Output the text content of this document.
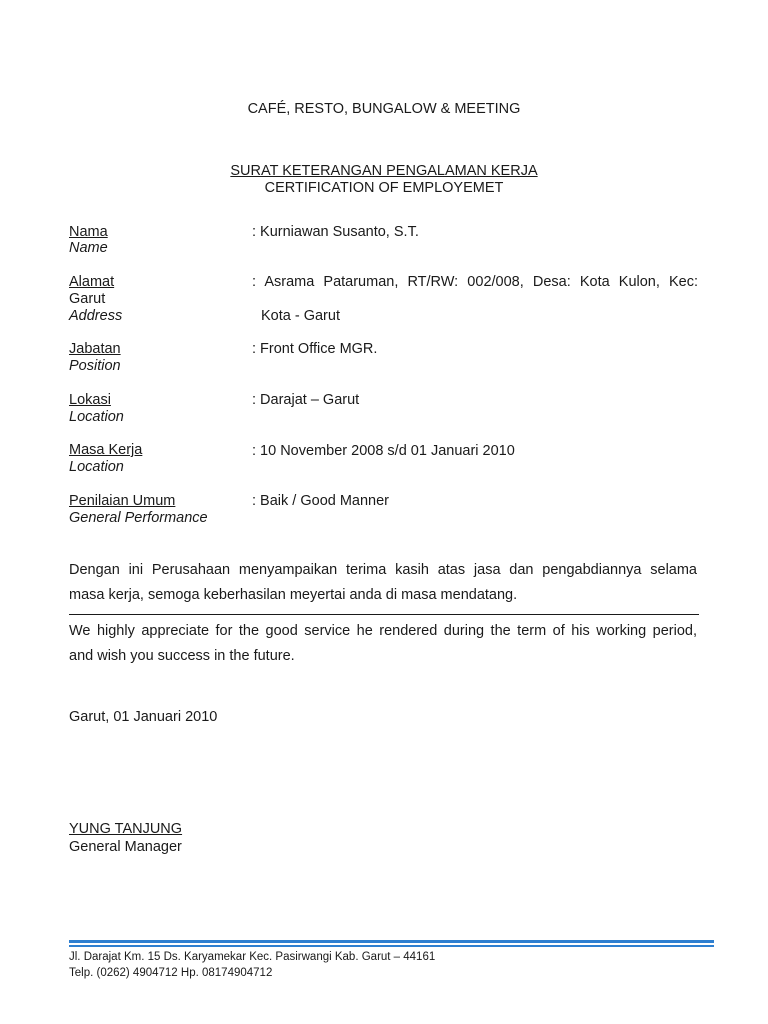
CAFÉ, RESTO, BUNGALOW & MEETING
SURAT KETERANGAN PENGALAMAN KERJA
CERTIFICATION OF EMPLOYEMET
Nama
Name
: Kurniawan Susanto, S.T.
Alamat
Garut
Address
: Asrama Pataruman, RT/RW: 002/008, Desa: Kota Kulon, Kec:
Kota - Garut
Jabatan
Position
: Front Office MGR.
Lokasi
Location
: Darajat – Garut
Masa Kerja
Location
: 10 November 2008 s/d 01 Januari 2010
Penilaian Umum
General Performance
: Baik / Good Manner
Dengan ini Perusahaan menyampaikan terima kasih atas jasa dan pengabdiannya selama
masa kerja, semoga keberhasilan meyertai anda di masa mendatang.
We highly appreciate for the good service he rendered during the term of his working period,
and wish you success in the future.
Garut, 01 Januari 2010
YUNG TANJUNG
General Manager
Jl. Darajat Km. 15 Ds. Karyamekar Kec. Pasirwangi Kab. Garut – 44161
Telp. (0262) 4904712 Hp. 08174904712
